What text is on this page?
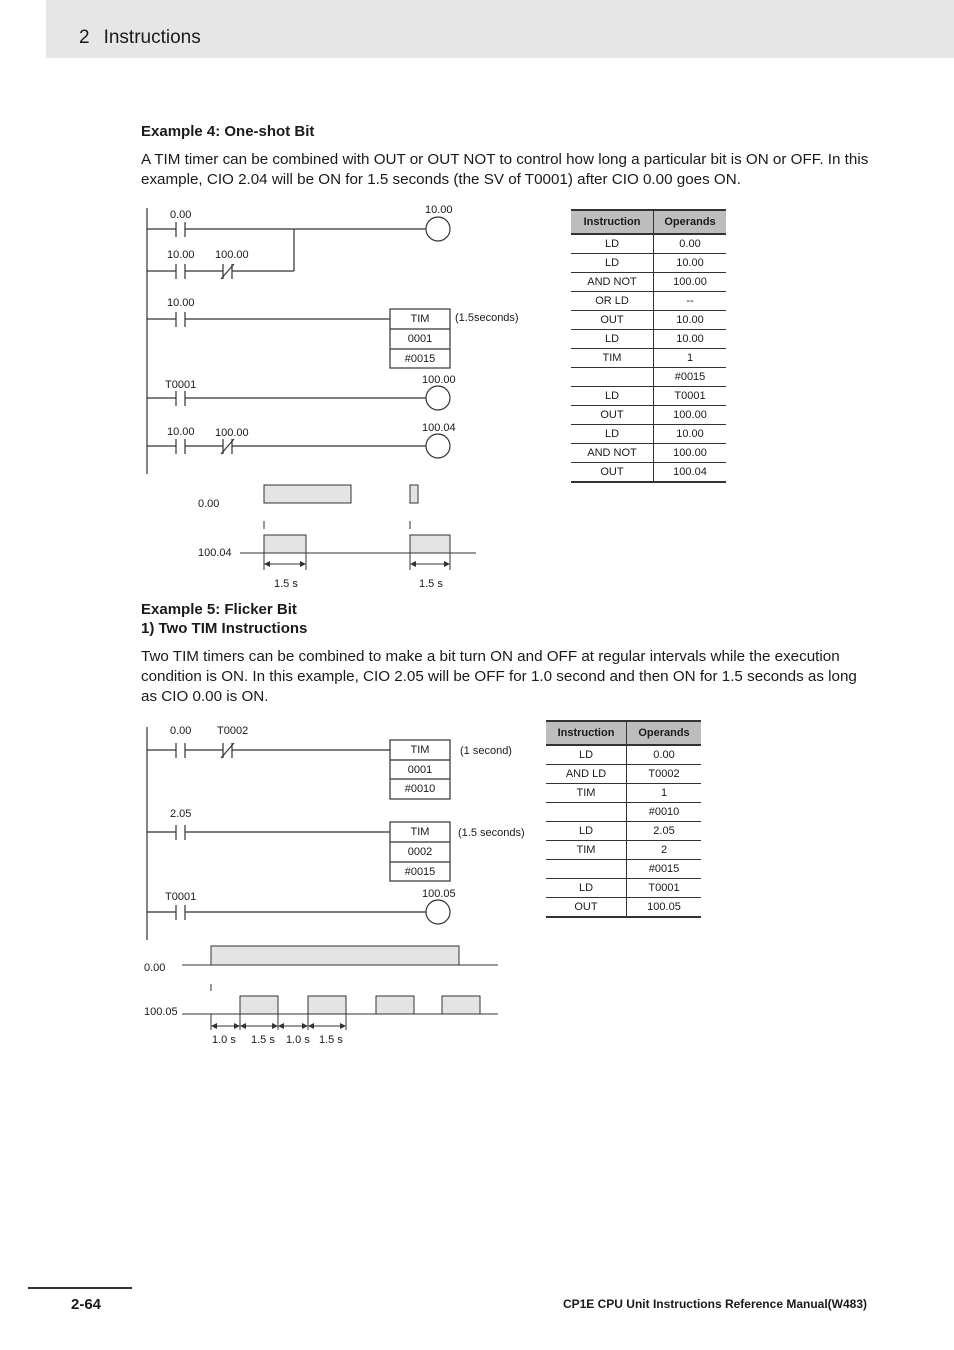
2 Instructions
Example 4: One-shot Bit
A TIM timer can be combined with OUT or OUT NOT to control how long a particular bit is ON or OFF. In this example, CIO 2.04 will be ON for 1.5 seconds (the SV of T0001) after CIO 0.00 goes ON.
0.00	10.00
10.00 100.00
10.00
TIM
0001
#0015
(1.5seconds)
T0001	100.00
10.00 100.00	100.04
0.00
100.04
1.5 s	1.5 s
Instruction	Operands
LD	0.00
LD	10.00
AND NOT	100.00
OR LD	--
OUT	10.00
LD	10.00
TIM	1
	#0015
LD	T0001
OUT	100.00
LD	10.00
AND NOT	100.00
OUT	100.04
Example 5: Flicker Bit
1) Two TIM Instructions
Two TIM timers can be combined to make a bit turn ON and OFF at regular intervals while the execution condition is ON. In this example, CIO 2.05 will be OFF for 1.0 second and then ON for 1.5 seconds as long as CIO 0.00 is ON.
0.00 T0002
TIM
0001
#0010
(1 second)
2.05
TIM
0002
#0015
(1.5 seconds)
T0001	100.05
0.00
100.05
1.0 s 1.5 s 1.0 s 1.5 s
Instruction	Operands
LD	0.00
AND LD	T0002
TIM	1
	#0010
LD	2.05
TIM	2
	#0015
LD	T0001
OUT	100.05
2-64	CP1E CPU Unit Instructions Reference Manual(W483)
